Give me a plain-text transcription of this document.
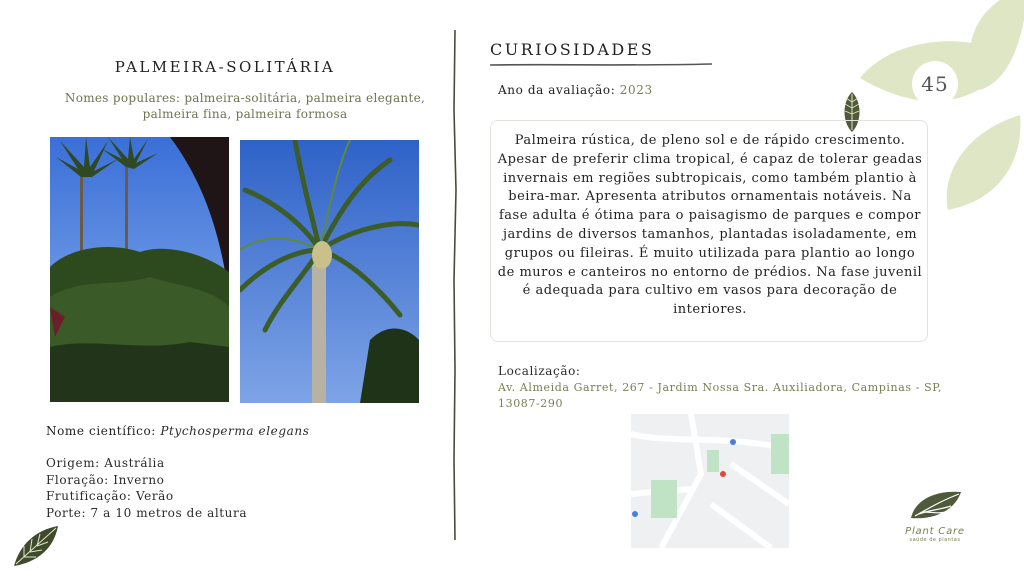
45
PALMEIRA-SOLITÁRIA
Nomes populares: palmeira-solitária, palmeira elegante,
palmeira fina, palmeira formosa
Nome científico: Ptychosperma elegans
Origem: Austrália
Floração: Inverno
Frutificação: Verão
Porte: 7 a 10 metros de altura
CURIOSIDADES
Ano da avaliação: 2023
Palmeira rústica, de pleno sol e de rápido crescimento. Apesar de preferir clima tropical, é capaz de tolerar geadas invernais em regiões subtropicais, como também plantio à beira-mar. Apresenta atributos ornamentais notáveis. Na fase adulta é ótima para o paisagismo de parques e compor jardins de diversos tamanhos, plantadas isoladamente, em grupos ou fileiras. É muito utilizada para plantio ao longo de muros e canteiros no entorno de prédios. Na fase juvenil é adequada para cultivo em vasos para decoração de interiores.
Localização:
Av. Almeida Garret, 267 - Jardim Nossa Sra. Auxiliadora, Campinas - SP, 13087-290
Plant Care
saúde de plantas
